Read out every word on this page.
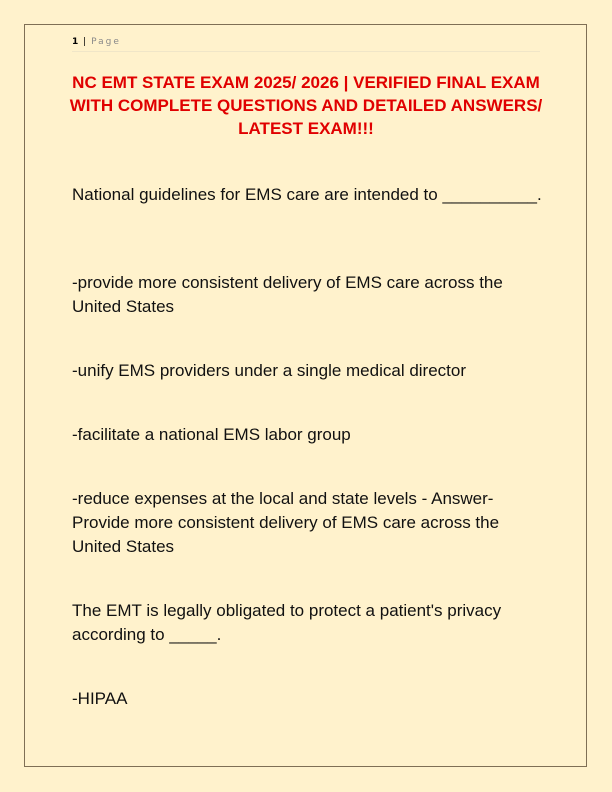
1 | Page
NC EMT STATE EXAM 2025/ 2026 | VERIFIED FINAL EXAM WITH COMPLETE QUESTIONS AND DETAILED ANSWERS/ LATEST EXAM!!!
National guidelines for EMS care are intended to __________.
-provide more consistent delivery of EMS care across the United States
-unify EMS providers under a single medical director
-facilitate a national EMS labor group
-reduce expenses at the local and state levels - Answer- Provide more consistent delivery of EMS care across the United States
The EMT is legally obligated to protect a patient's privacy according to _____.
-HIPAA
